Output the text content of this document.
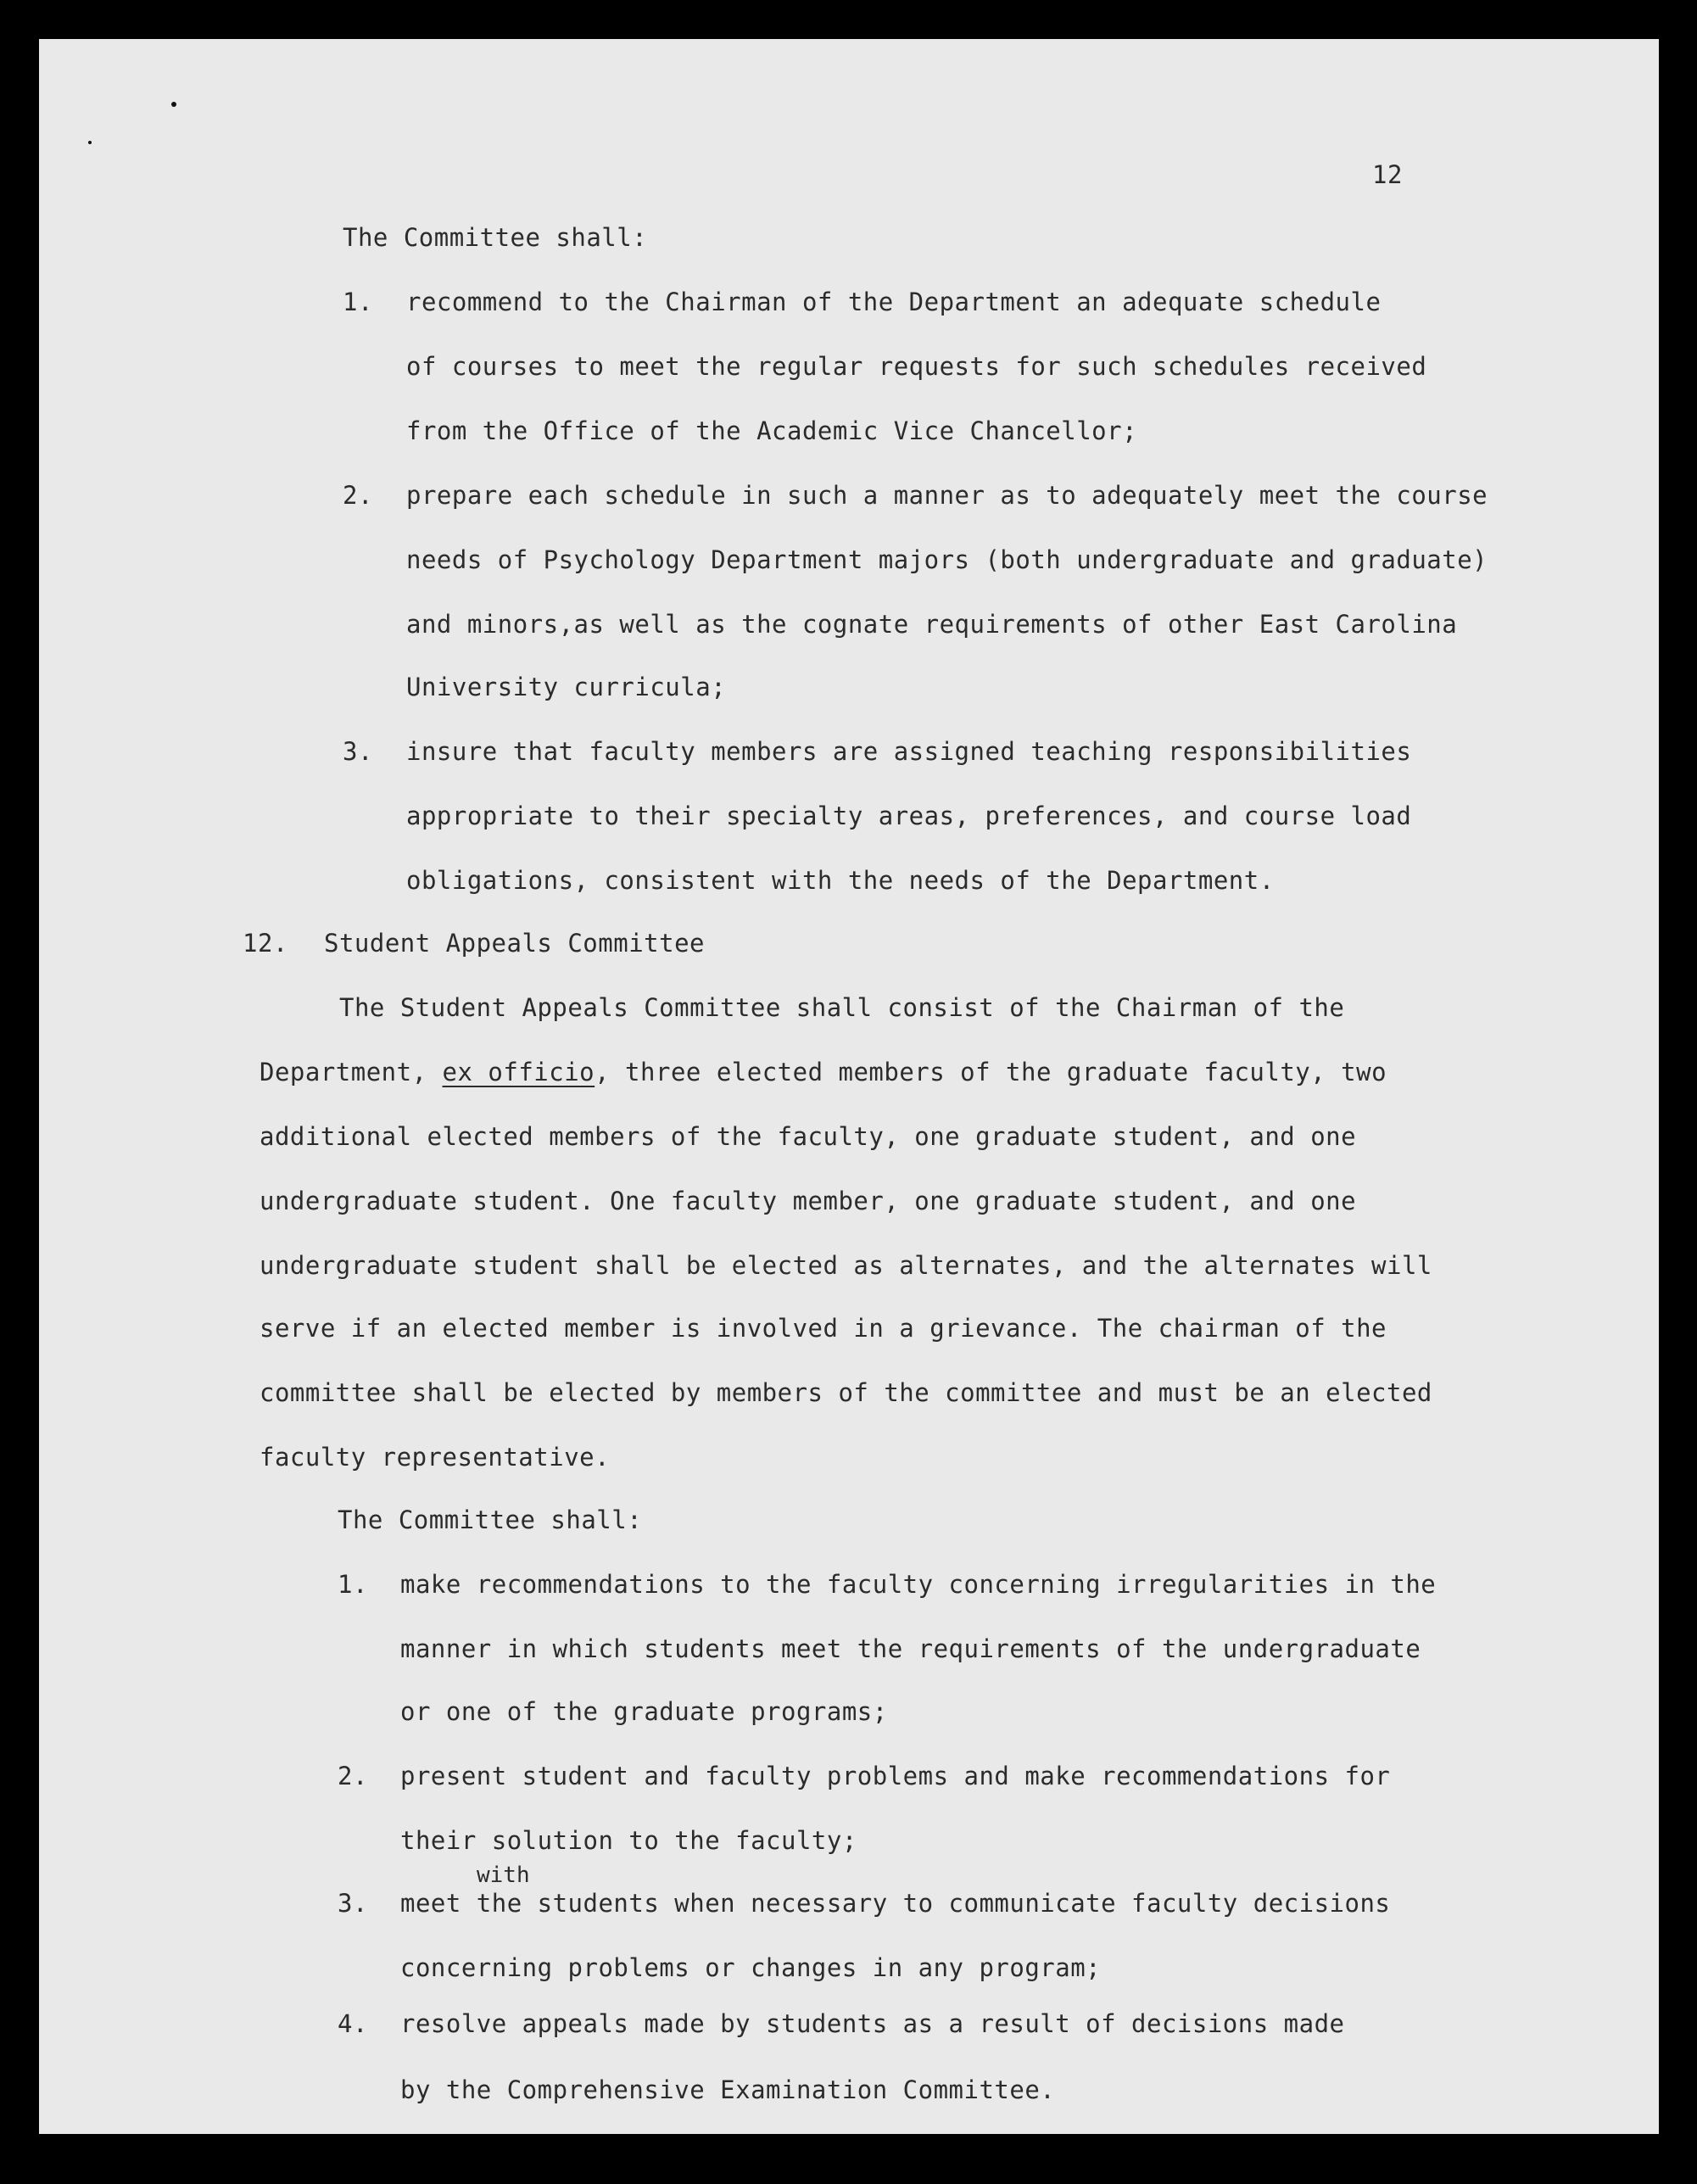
12
The Committee shall:
1. recommend to the Chairman of the Department an adequate schedule
of courses to meet the regular requests for such schedules received
from the Office of the Academic Vice Chancellor;
2. prepare each schedule in such a manner as to adequately meet the course
needs of Psychology Department majors (both undergraduate and graduate)
and minors,as well as the cognate requirements of other East Carolina
University curricula;
3. insure that faculty members are assigned teaching responsibilities
appropriate to their specialty areas, preferences, and course load
obligations, consistent with the needs of the Department.
12. Student Appeals Committee
The Student Appeals Committee shall consist of the Chairman of the
Department, ex officio, three elected members of the graduate faculty, two
additional elected members of the faculty, one graduate student, and one
undergraduate student. One faculty member, one graduate student, and one
undergraduate student shall be elected as alternates, and the alternates will
serve if an elected member is involved in a grievance. The chairman of the
committee shall be elected by members of the committee and must be an elected
faculty representative.
The Committee shall:
1. make recommendations to the faculty concerning irregularities in the
manner in which students meet the requirements of the undergraduate
or one of the graduate programs;
2. present student and faculty problems and make recommendations for
their solution to the faculty;
3.
with
meet the students when necessary to communicate faculty decisions
concerning problems or changes in any program;
4. resolve appeals made by students as a result of decisions made
by the Comprehensive Examination Committee.
